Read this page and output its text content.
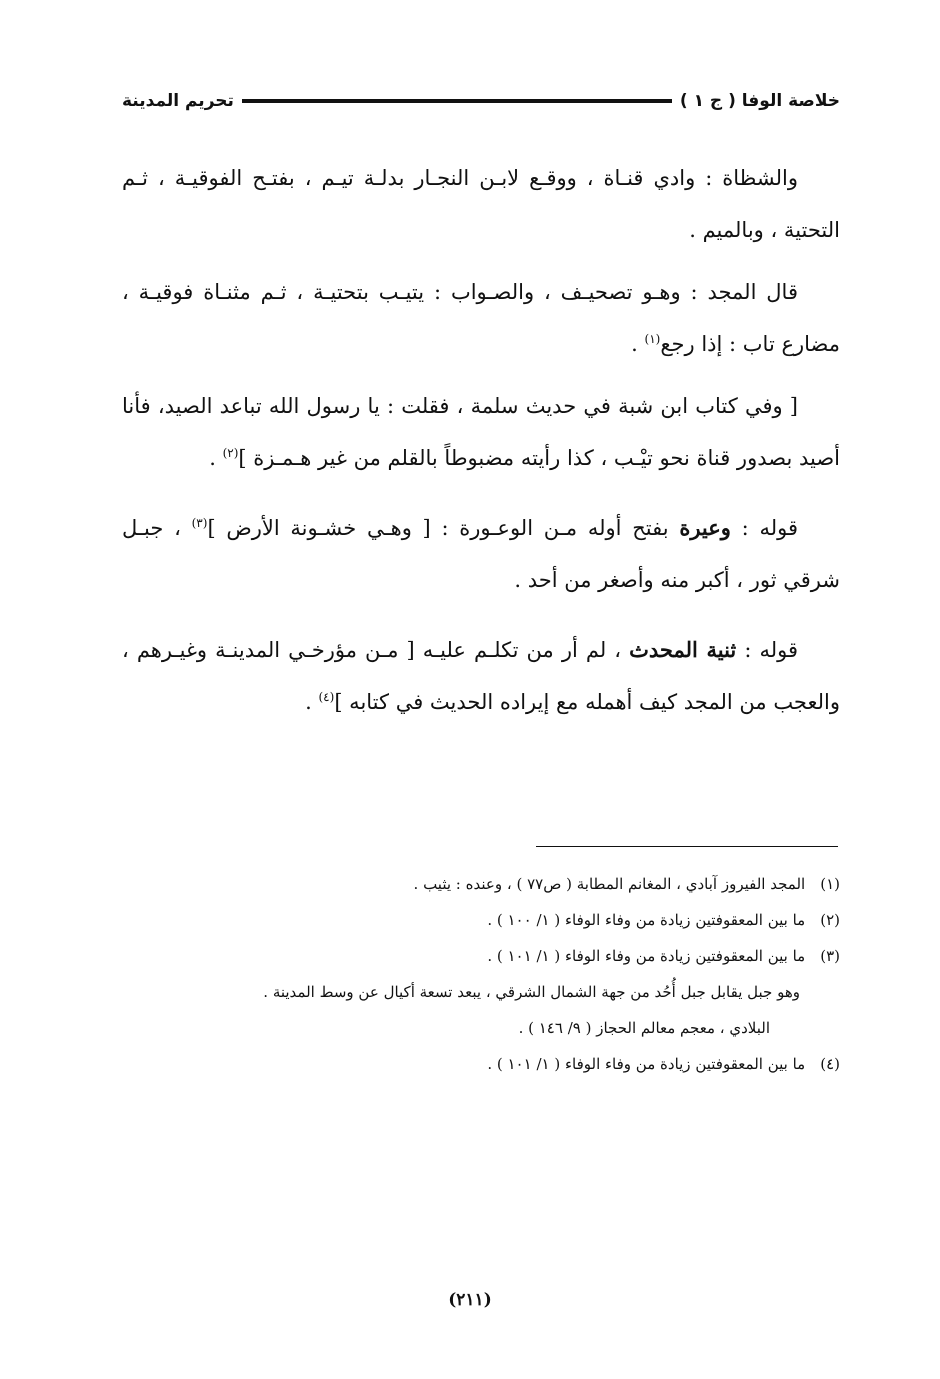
خلاصة الوفا ( ج ١ )
تحريم المدينة

والشظاة : وادي قنـاة ، ووقـع لابـن النجـار بدلـة تيـم ، بفتـح الفوقيـة ، ثـم التحتية ، وبالميم .

قال المجد : وهـو تصحيـف ، والصـواب : يتيـب بتحتيـة ، ثـم مثنـاة فوقيـة ، مضارع تاب : إذا رجع$^{(١)}$ .

[ وفي كتاب ابن شبة في حديث سلمة ، فقلت : يا رسول الله تباعد الصيد، فأنا أصيد بصدور قناة نحو تيْـب ، كذا رأيته مضبوطاً بالقلم من غير هـمـزة ]$^{(٢)}$ .

قوله : وعيرة بفتح أوله مـن الوعـورة : [ وهـي خشـونة الأرض ]$^{(٣)}$ ، جبـل شرقي ثور ، أكبر منه وأصغر من أحد .

قوله : ثنية المحدث ، لم أر من تكلـم عليـه [ مـن مؤرخـي المدينـة وغيـرهم ، والعجب من المجد كيف أهمله مع إيراده الحديث في كتابه ]$^{(٤)}$ .

(١) المجد الفيروز آبادي ، المغانم المطابة ( ص٧٧ ) ، وعنده : يثيب .
(٢) ما بين المعقوفتين زيادة من وفاء الوفاء ( ١/ ١٠٠ ) .
(٣) ما بين المعقوفتين زيادة من وفاء الوفاء ( ١/ ١٠١ ) .
وهو جبل يقابل جبل أُحُد من جهة الشمال الشرقي ، يبعد تسعة أكيال عن وسط المدينة .
البلادي ، معجم معالم الحجاز ( ٩/ ١٤٦ ) .
(٤) ما بين المعقوفتين زيادة من وفاء الوفاء ( ١/ ١٠١ ) .
(٢١١)
